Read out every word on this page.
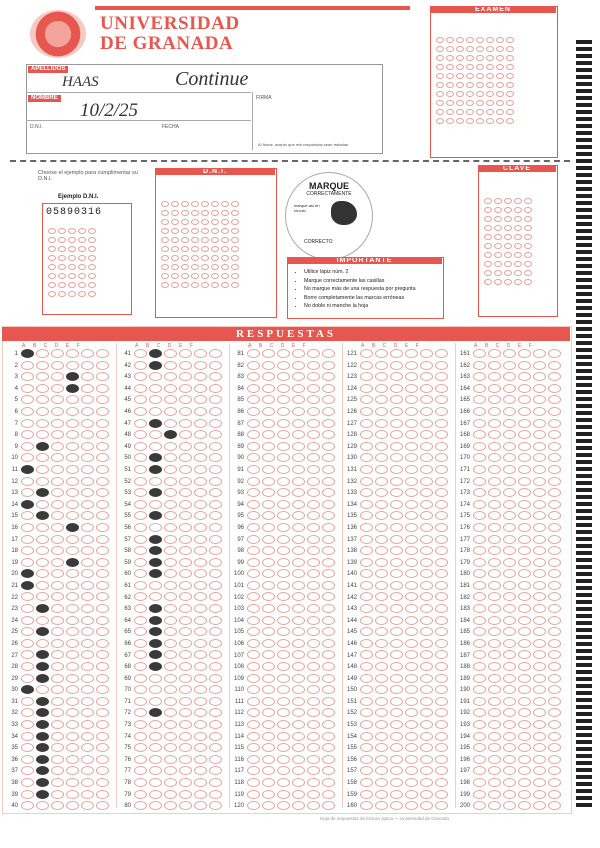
UNIVERSIDAD
DE GRANADA
APELLIDOS
HAAS	Continue
NOMBRE
10/2/25
D.N.I.	FECHA
FIRMA
Al firmar, acepto que mis respuestas sean tratadas
EXAMEN
Choose el ejemplo para cumplimentar su D.N.I.
Ejemplo D.N.I.
05890316
D.N.I.
MARQUE
CORRECTAMENTE
marque así en círculo
CORRECTO
IMPORTANTE
• Utilice lápiz núm. 2
• Marque correctamente las casillas
• No marque más de una respuesta por pregunta
• Borre completamente las marcas erróneas
• No doble ni manche la hoja
CLAVE
RESPUESTAS
A  B  C  D  E  F
1
2
3
4
5
6
7
8
9
10
11
12
13
14
15
16
17
18
19
20
21
22
23
24
25
26
27
28
29
30
31
32
33
34
35
36
37
38
39
40
A  B  C  D  E  F
41
42
43
44
45
46
47
48
49
50
51
52
53
54
55
56
57
58
59
60
61
62
63
64
65
66
67
68
69
70
71
72
73
74
75
76
77
78
79
80
A  B  C  D  E  F
81
82
83
84
85
86
87
88
89
90
91
92
93
94
95
96
97
98
99
100
101
102
103
104
105
106
107
108
109
110
111
112
113
114
115
116
117
118
119
120
A  B  C  D  E  F
121
122
123
124
125
126
127
128
129
130
131
132
133
134
135
136
137
138
139
140
141
142
143
144
145
146
147
148
149
150
151
152
153
154
155
156
157
158
159
160
A  B  C  D  E  F
161
162
163
164
165
166
167
168
169
170
171
172
173
174
175
176
177
178
179
180
181
182
183
184
185
186
187
188
189
190
191
192
193
194
195
196
197
198
199
200
Hoja de respuestas de lectura óptica — Universidad de Granada
